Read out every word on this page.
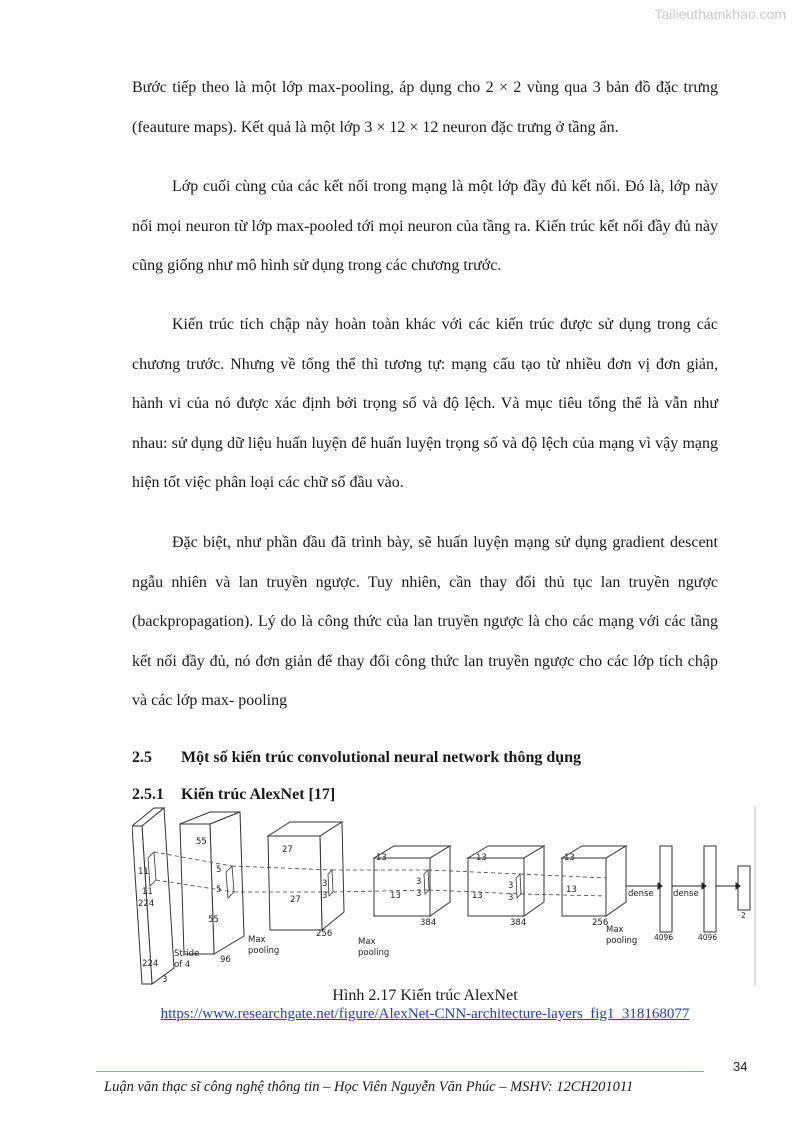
Tailieuthamkhao.com

Bước tiếp theo là một lớp max-pooling, áp dụng cho 2 × 2 vùng qua 3 bản đồ đặc trưng (feauture maps). Kết quả là một lớp 3 × 12 × 12 neuron đặc trưng ở tầng ẩn.

Lớp cuối cùng của các kết nối trong mạng là một lớp đầy đủ kết nối. Đó là, lớp này nối mọi neuron từ lớp max-pooled tới mọi neuron của tầng ra. Kiến trúc kết nối đầy đủ này cũng giống như mô hình sử dụng trong các chương trước.

Kiến trúc tích chập này hoàn toàn khác với các kiến trúc được sử dụng trong các chương trước. Nhưng về tổng thể thì tương tự: mạng cấu tạo từ nhiều đơn vị đơn giản, hành vi của nó được xác định bởi trọng số và độ lệch. Và mục tiêu tổng thể là vẫn như nhau: sử dụng dữ liệu huấn luyện để huấn luyện trọng số và độ lệch của mạng vì vậy mạng hiện tốt việc phân loại các chữ số đầu vào.

Đặc biệt, như phần đầu đã trình bày, sẽ huấn luyện mạng sử dụng gradient descent ngẫu nhiên và lan truyền ngược. Tuy nhiên, cần thay đổi thủ tục lan truyền ngược (backpropagation). Lý do là công thức của lan truyền ngược là cho các mạng với các tầng kết nối đầy đủ, nó đơn giản để thay đổi công thức lan truyền ngược cho các lớp tích chập và các lớp max- pooling

2.5 Một số kiến trúc convolutional neural network thông dụng
2.5.1 Kiến trúc AlexNet [17]
11
11
224
224
3
Stride
of 4
55
55
5
5
96
Max
pooling
27
27
3
3
256
Max
pooling
13
13
3
3
384
13
13
3
3
384
13
13
256
Max
pooling
dense dense
4096	4096
2
Hình 2.17 Kiến trúc AlexNet
https://www.researchgate.net/figure/AlexNet-CNN-architecture-layers_fig1_318168077
34
Luận văn thạc sĩ công nghệ thông tin – Học Viên Nguyễn Văn Phúc – MSHV: 12CH201011
